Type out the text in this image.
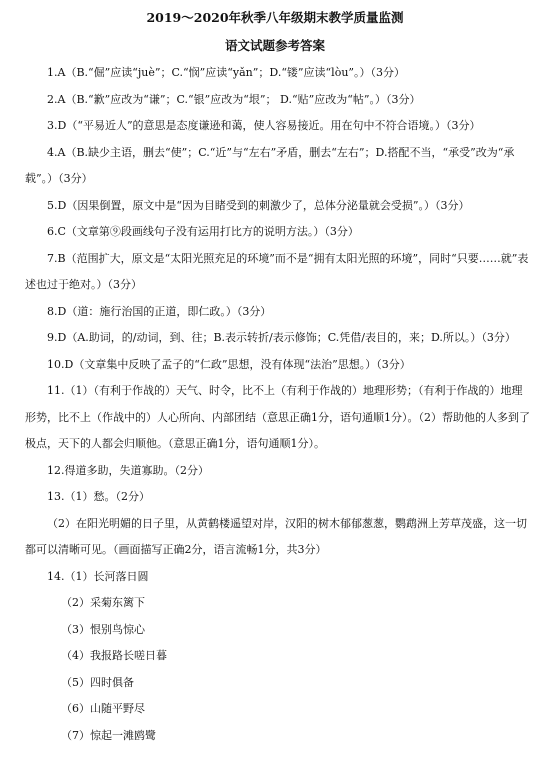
2019～2020年秋季八年级期末教学质量监测
语文试题参考答案

1.A（B.“倔”应读“juè”；C.“悯”应读“yǎn”；D.“镂”应读“lòu”。）（3分）

2.A（B.“歉”应改为“谦”；C.“银”应改为“垠”； D.“贴”应改为“帖”。）（3分）

3.D（“平易近人”的意思是态度谦逊和蔼，使人容易接近。用在句中不符合语境。）（3分）

4.A（B.缺少主语，删去“使”；C.“近”与“左右”矛盾，删去“左右”；D.搭配不当，“承受”改为“承载”。）（3分）

5.D（因果倒置，原文中是“因为目睹受到的刺激少了，总体分泌量就会受损”。）（3分）

6.C（文章第⑨段画线句子没有运用打比方的说明方法。）（3分）

7.B（范围扩大，原文是“太阳光照充足的环境”而不是“拥有太阳光照的环境”，同时“只要……就”表述也过于绝对。）（3分）

8.D（道：施行治国的正道，即仁政。）（3分）

9.D（A.助词，的/动词，到、往；B.表示转折/表示修饰；C.凭借/表目的，来；D.所以。）（3分）

10.D（文章集中反映了孟子的“仁政”思想，没有体现“法治”思想。）（3分）

11.（1）（有利于作战的）天气、时令，比不上（有利于作战的）地理形势；（有利于作战的）地理形势，比不上（作战中的）人心所向、内部团结（意思正确1分，语句通顺1分）。（2）帮助他的人多到了极点，天下的人都会归顺他。（意思正确1分，语句通顺1分）。

12.得道多助，失道寡助。（2分）

13.（1）愁。（2分）

（2）在阳光明媚的日子里，从黄鹤楼遥望对岸，汉阳的树木郁郁葱葱，鹦鹉洲上芳草茂盛，这一切都可以清晰可见。（画面描写正确2分，语言流畅1分，共3分）

14.（1）长河落日圆

（2）采菊东篱下

（3）恨别鸟惊心

（4）我报路长嗟日暮

（5）四时俱备

（6）山随平野尽

（7）惊起一滩鸥鹭
